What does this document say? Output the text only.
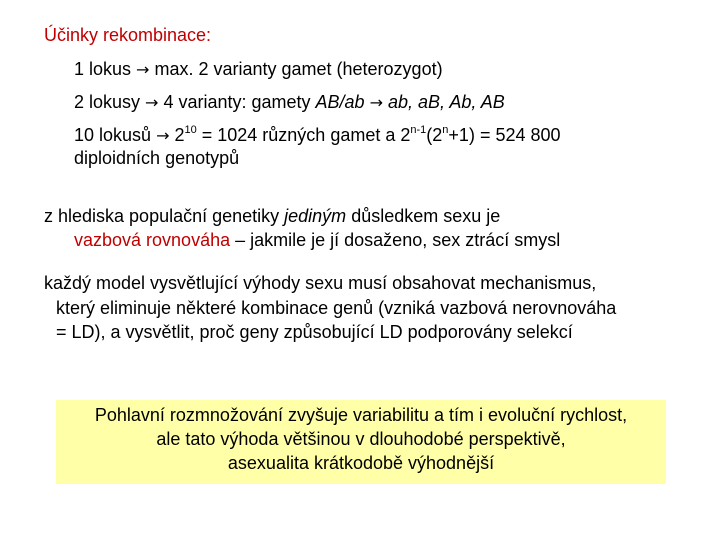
Účinky rekombinace:
1 lokus → max. 2 varianty gamet (heterozygot)
2 lokusy → 4 varianty: gamety AB/ab → ab, aB, Ab, AB
10 lokusů → $2^{10} = 1024$ různých gamet a $2^{n-1}(2^n+1) = 524$ 800
diploidních genotypů
z hlediska populační genetiky jediným důsledkem sexu je
vazbová rovnováha – jakmile je jí dosaženo, sex ztrácí smysl
každý model vysvětlující výhody sexu musí obsahovat mechanismus,
který eliminuje některé kombinace genů (vzniká vazbová nerovnováha
= LD), a vysvětlit, proč geny způsobující LD podporovány selekcí
Pohlavní rozmnožování zvyšuje variabilitu a tím i evoluční rychlost,
ale tato výhoda většinou v dlouhodobé perspektivě,
asexualita krátkodobě výhodnější
